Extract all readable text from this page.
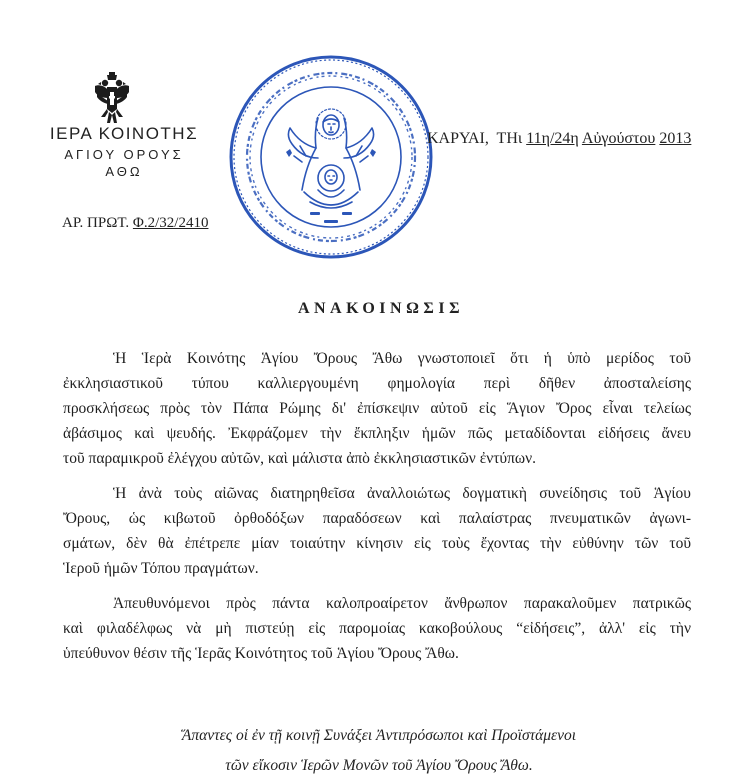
ΙΕΡΑ ΚΟΙΝΟΤΗΣ
ΑΓΙΟΥ ΟΡΟΥΣ
ΑΘΩ
ΑΡ. ΠΡΩΤ. Φ.2/32/2410
ΚΑΡΥΑΙ, ΤΗι 11η/24η Αὐγούστου 2013
ΑΝΑΚΟΙΝΩΣΙΣ
Ἡ Ἱερὰ Κοινότης Ἁγίου Ὄρους Ἄθω γνωστοποιεῖ ὅτι ἡ ὑπὸ μερίδος τοῦ
ἐκκλησιαστικοῦ τύπου καλλιεργουμένη φημολογία περὶ δῆθεν ἀποσταλείσης
προσκλήσεως πρὸς τὸν Πάπα Ρώμης δι' ἐπίσκεψιν αὐτοῦ εἰς Ἅγιον Ὄρος εἶναι τελείως
ἀβάσιμος καὶ ψευδής. Ἐκφράζομεν τὴν ἔκπληξιν ἡμῶν πῶς μεταδίδονται εἰδήσεις ἄνευ
τοῦ παραμικροῦ ἐλέγχου αὐτῶν, καὶ μάλιστα ἀπὸ ἐκκλησιαστικῶν ἐντύπων.
Ἡ ἀνὰ τοὺς αἰῶνας διατηρηθεῖσα ἀναλλοιώτως δογματικὴ συνείδησις τοῦ Ἁγίου
Ὄρους, ὡς κιβωτοῦ ὀρθοδόξων παραδόσεων καὶ παλαίστρας πνευματικῶν ἀγωνι-
σμάτων, δὲν θὰ ἐπέτρεπε μίαν τοιαύτην κίνησιν εἰς τοὺς ἔχοντας τὴν εὐθύνην τῶν τοῦ
Ἱεροῦ ἡμῶν Τόπου πραγμάτων.
Ἀπευθυνόμενοι πρὸς πάντα καλοπροαίρετον ἄνθρωπον παρακαλοῦμεν πατρικῶς
καὶ φιλαδέλφως νὰ μὴ πιστεύῃ εἰς παρομοίας κακοβούλους “εἰδήσεις”, ἀλλ' εἰς τὴν
ὑπεύθυνον θέσιν τῆς Ἱερᾶς Κοινότητος τοῦ Ἁγίου Ὄρους Ἄθω.
Ἅπαντες οἱ ἐν τῇ κοινῇ Συνάξει Ἀντιπρόσωποι καὶ Προϊστάμενοι
τῶν εἴκοσιν Ἱερῶν Μονῶν τοῦ Ἁγίου Ὄρους Ἄθω.
